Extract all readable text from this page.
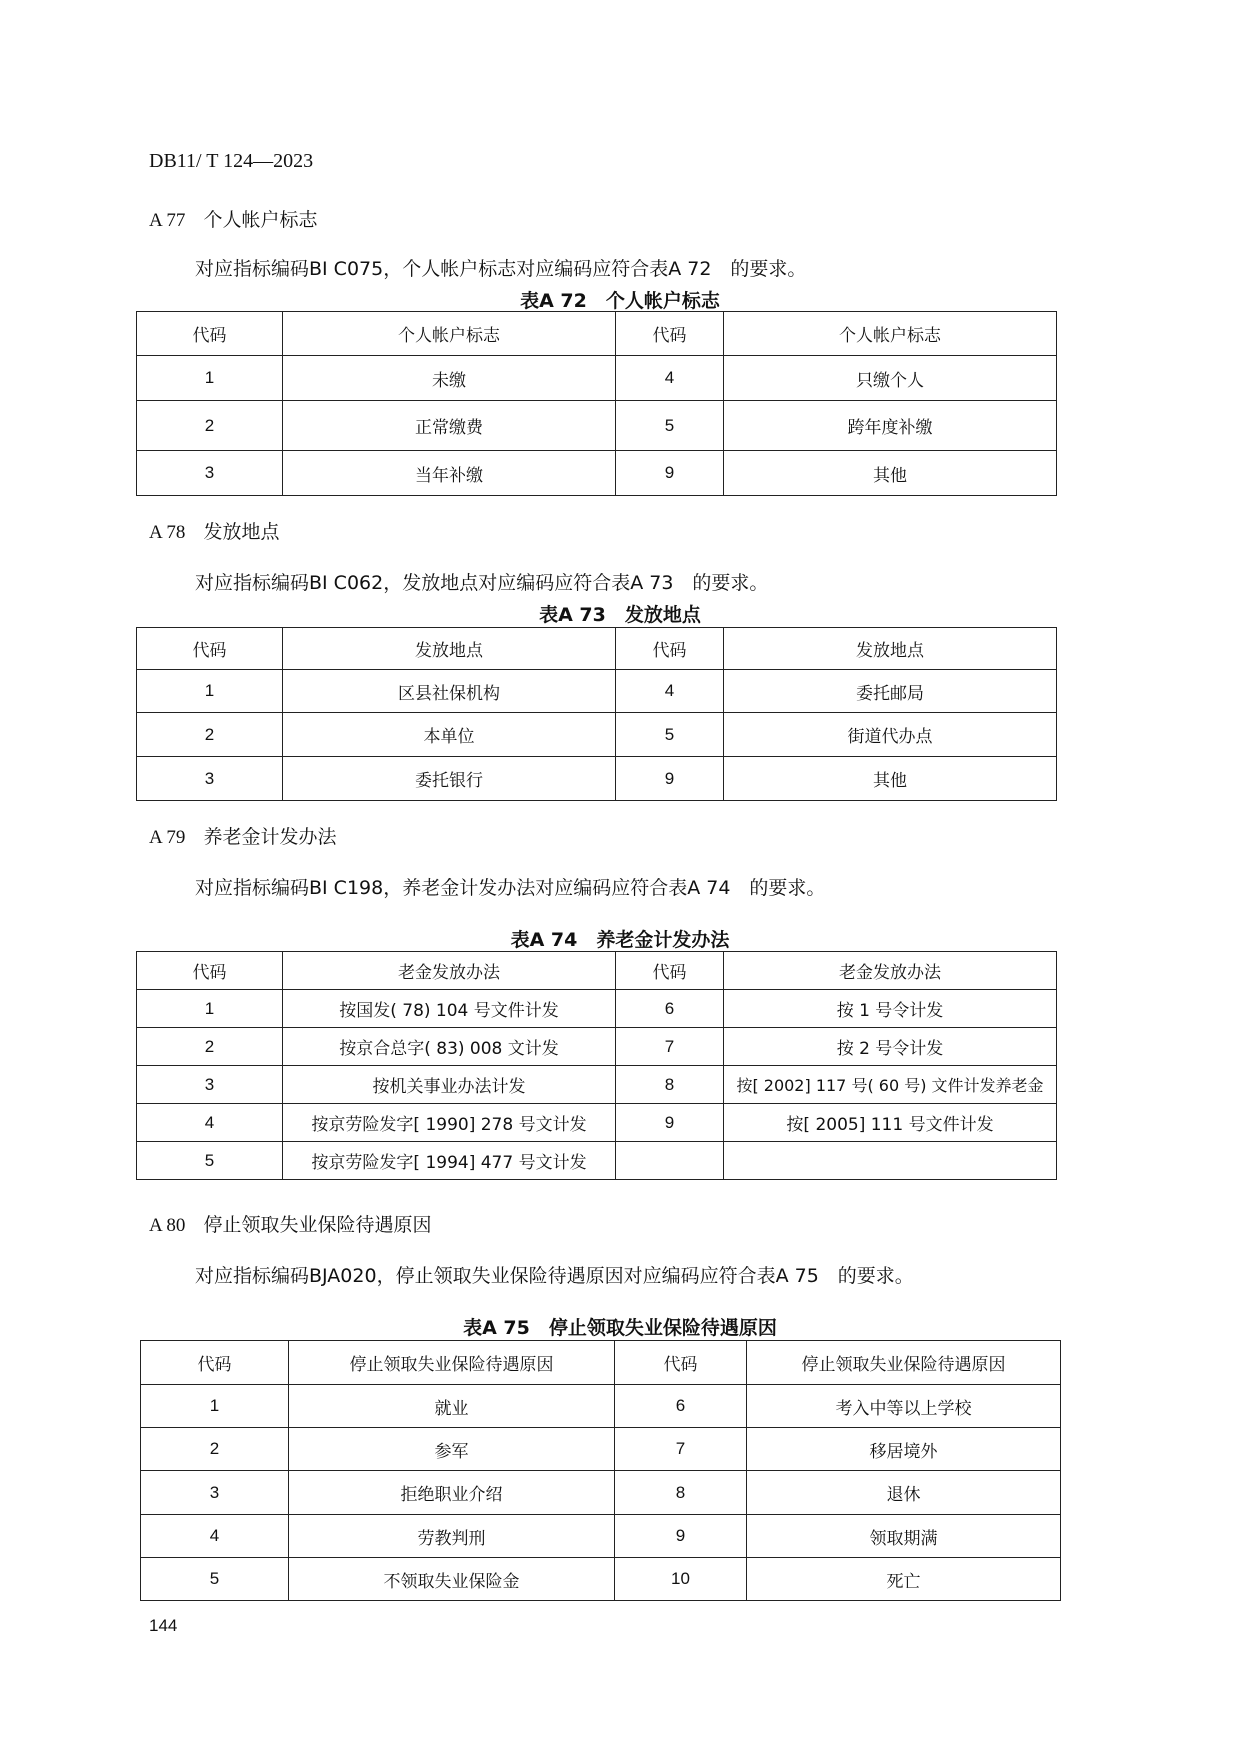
DB11/ T 124—2023
A 77 个人帐户标志
对应指标编码BI C075，个人帐户标志对应编码应符合表A 72　的要求。
表A 72　个人帐户标志
代码	个人帐户标志	代码	个人帐户标志
1	未缴	4	只缴个人
2	正常缴费	5	跨年度补缴
3	当年补缴	9	其他
A 78 发放地点
对应指标编码BI C062，发放地点对应编码应符合表A 73　的要求。
表A 73　发放地点
代码	发放地点	代码	发放地点
1	区县社保机构	4	委托邮局
2	本单位	5	街道代办点
3	委托银行	9	其他
A 79 养老金计发办法
对应指标编码BI C198，养老金计发办法对应编码应符合表A 74　的要求。
表A 74　养老金计发办法
代码	老金发放办法	代码	老金发放办法
1	按国发( 78) 104 号文件计发	6	按 1 号令计发
2	按京合总字( 83) 008 文计发	7	按 2 号令计发
3	按机关事业办法计发	8	按[ 2002] 117 号( 60 号) 文件计发养老金
4	按京劳险发字[ 1990] 278 号文计发	9	按[ 2005] 111 号文件计发
5	按京劳险发字[ 1994] 477 号文计发		
A 80 停止领取失业保险待遇原因
对应指标编码BJA020，停止领取失业保险待遇原因对应编码应符合表A 75　的要求。
表A 75　停止领取失业保险待遇原因
代码	停止领取失业保险待遇原因	代码	停止领取失业保险待遇原因
1	就业	6	考入中等以上学校
2	参军	7	移居境外
3	拒绝职业介绍	8	退休
4	劳教判刑	9	领取期满
5	不领取失业保险金	10	死亡
144
